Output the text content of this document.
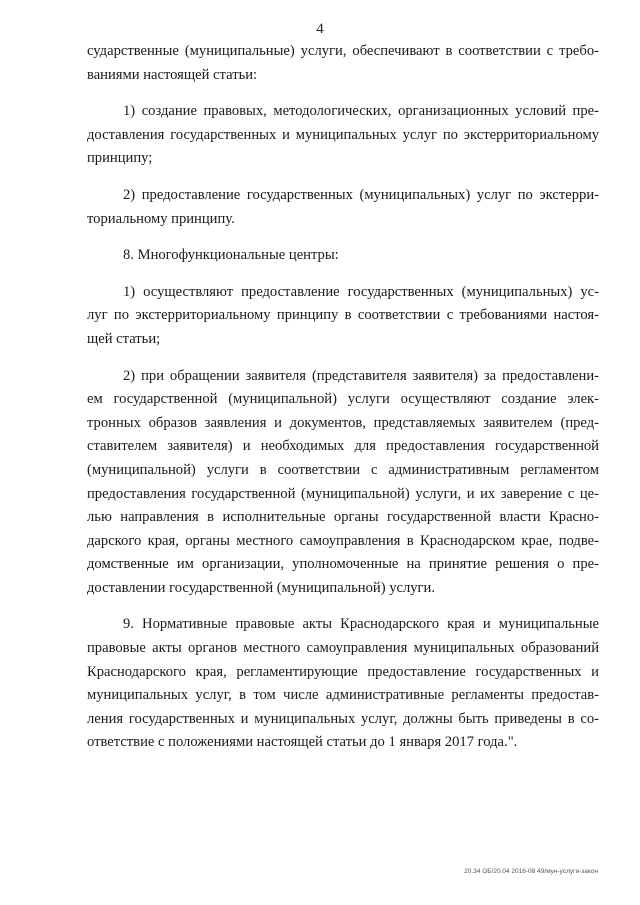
4
сударственные (муниципальные) услуги, обеспечивают в соответствии с требо-
ваниями настоящей статьи:
1) создание правовых, методологических, организационных условий пре-
доставления государственных и муниципальных услуг по экстерриториальному
принципу;
2) предоставление государственных (муниципальных) услуг по экстерри-
ториальному принципу.
8. Многофункциональные центры:
1) осуществляют предоставление государственных (муниципальных) ус-
луг по экстерриториальному принципу в соответствии с требованиями настоя-
щей статьи;
2) при обращении заявителя (представителя заявителя) за предоставлени-
ем государственной (муниципальной) услуги осуществляют создание элек-
тронных образов заявления и документов, представляемых заявителем (пред-
ставителем заявителя) и необходимых для предоставления государственной
(муниципальной) услуги в соответствии с административным регламентом
предоставления государственной (муниципальной) услуги, и их заверение с це-
лью направления в исполнительные органы государственной власти Красно-
дарского края, органы местного самоуправления в Краснодарском крае, подве-
домственные им организации, уполномоченные на принятие решения о пре-
доставлении государственной (муниципальной) услуги.
9. Нормативные правовые акты Краснодарского края и муниципальные
правовые акты органов местного самоуправления муниципальных образований
Краснодарского края, регламентирующие предоставление государственных и
муниципальных услуг, в том числе административные регламенты предостав-
ления государственных и муниципальных услуг, должны быть приведены в со-
ответствие с положениями настоящей статьи до 1 января 2017 года.".
20.34 ОБ/20.04 2016-08 49/мун-услуги-закон
